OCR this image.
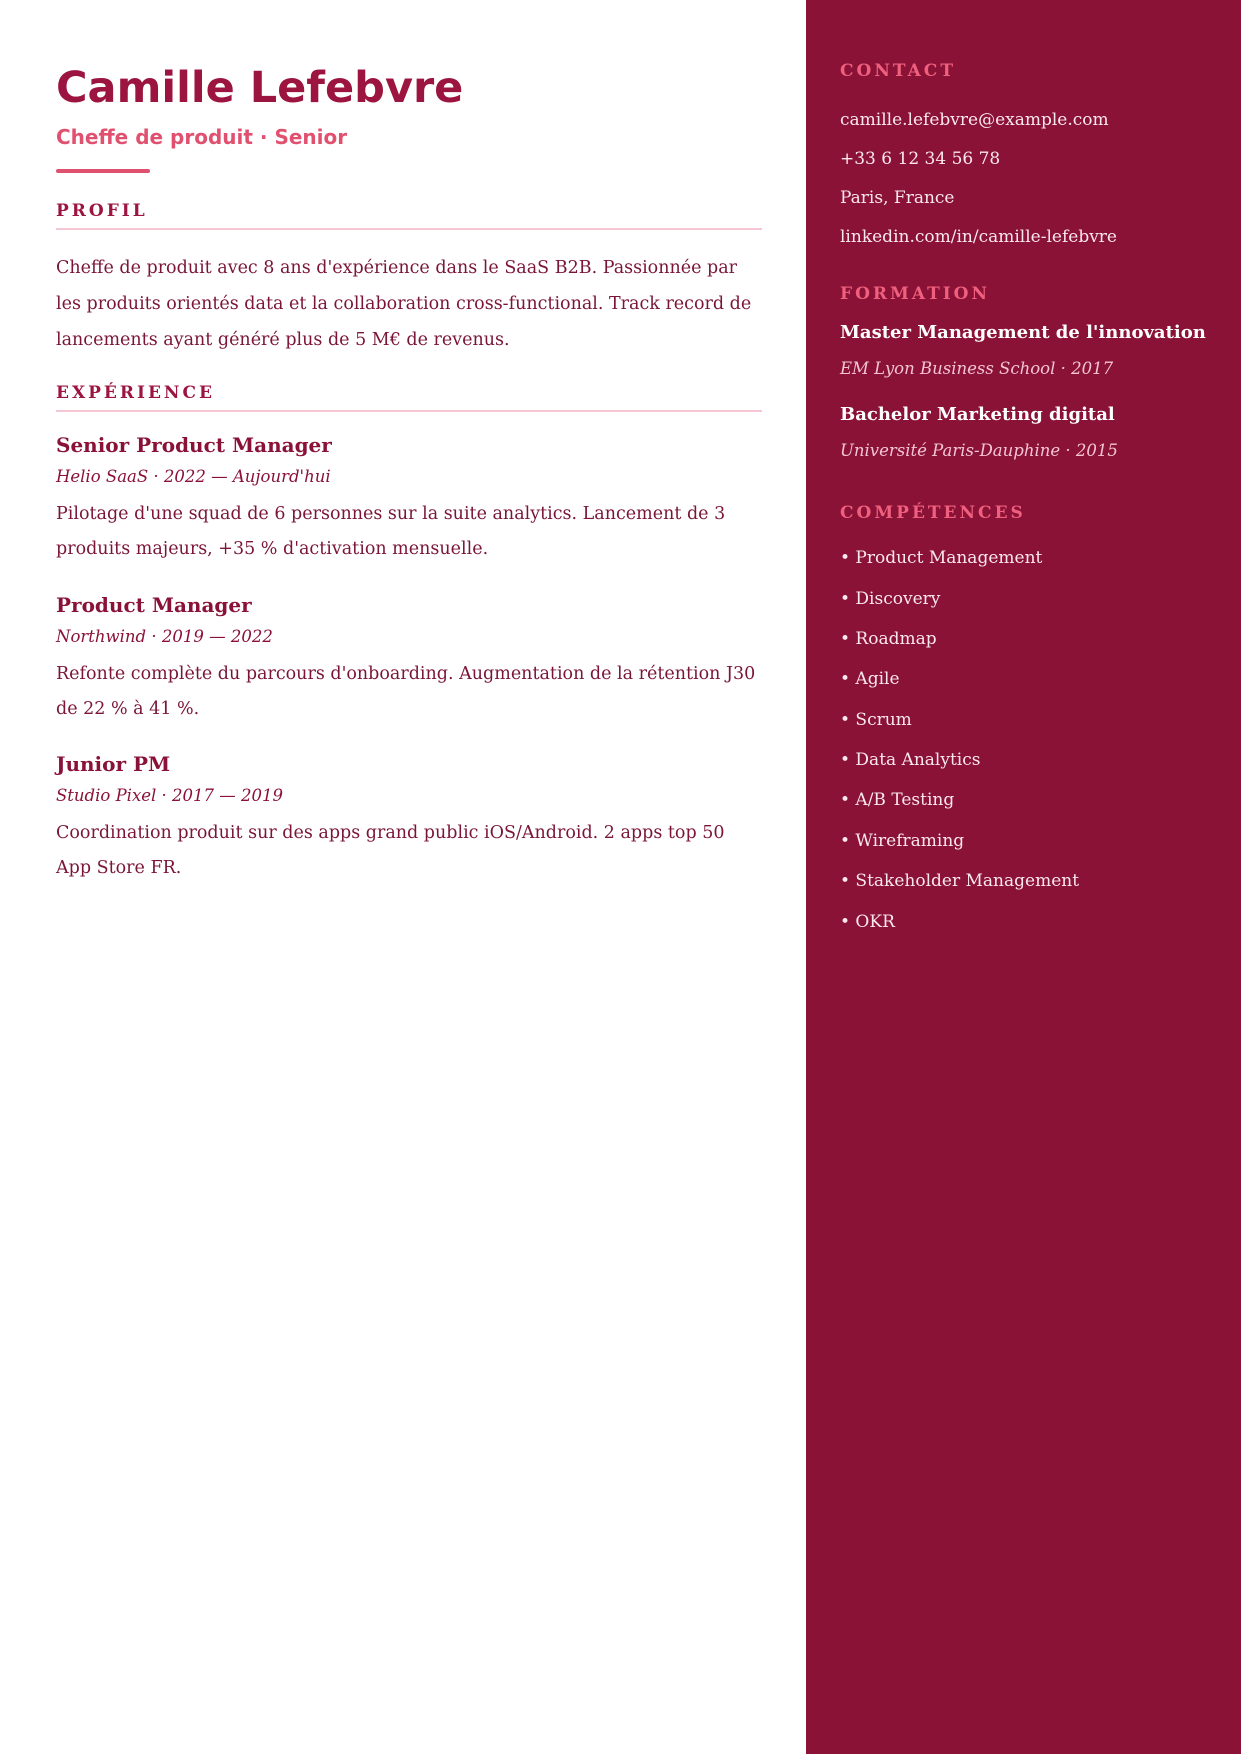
Camille Lefebvre
Cheffe de produit · Senior
PROFIL

Cheffe de produit avec 8 ans d'expérience dans le SaaS B2B. Passionnée par les produits orientés data et la collaboration cross-functional. Track record de lancements ayant généré plus de 5 M€ de revenus.

EXPÉRIENCE
Senior Product Manager

Helio SaaS · 2022 — Aujourd'hui

Pilotage d'une squad de 6 personnes sur la suite analytics. Lancement de 3 produits majeurs, +35 % d'activation mensuelle.

Product Manager

Northwind · 2019 — 2022

Refonte complète du parcours d'onboarding. Augmentation de la rétention J30 de 22 % à 41 %.

Junior PM

Studio Pixel · 2017 — 2019

Coordination produit sur des apps grand public iOS/Android. 2 apps top 50 App Store FR.

CONTACT

camille.lefebvre@example.com

+33 6 12 34 56 78

Paris, France

linkedin.com/in/camille-lefebvre

FORMATION

Master Management de l'innovation

EM Lyon Business School · 2017

Bachelor Marketing digital

Université Paris-Dauphine · 2015

COMPÉTENCES

• Product Management

• Discovery

• Roadmap

• Agile

• Scrum

• Data Analytics

• A/B Testing

• Wireframing

• Stakeholder Management

• OKR
